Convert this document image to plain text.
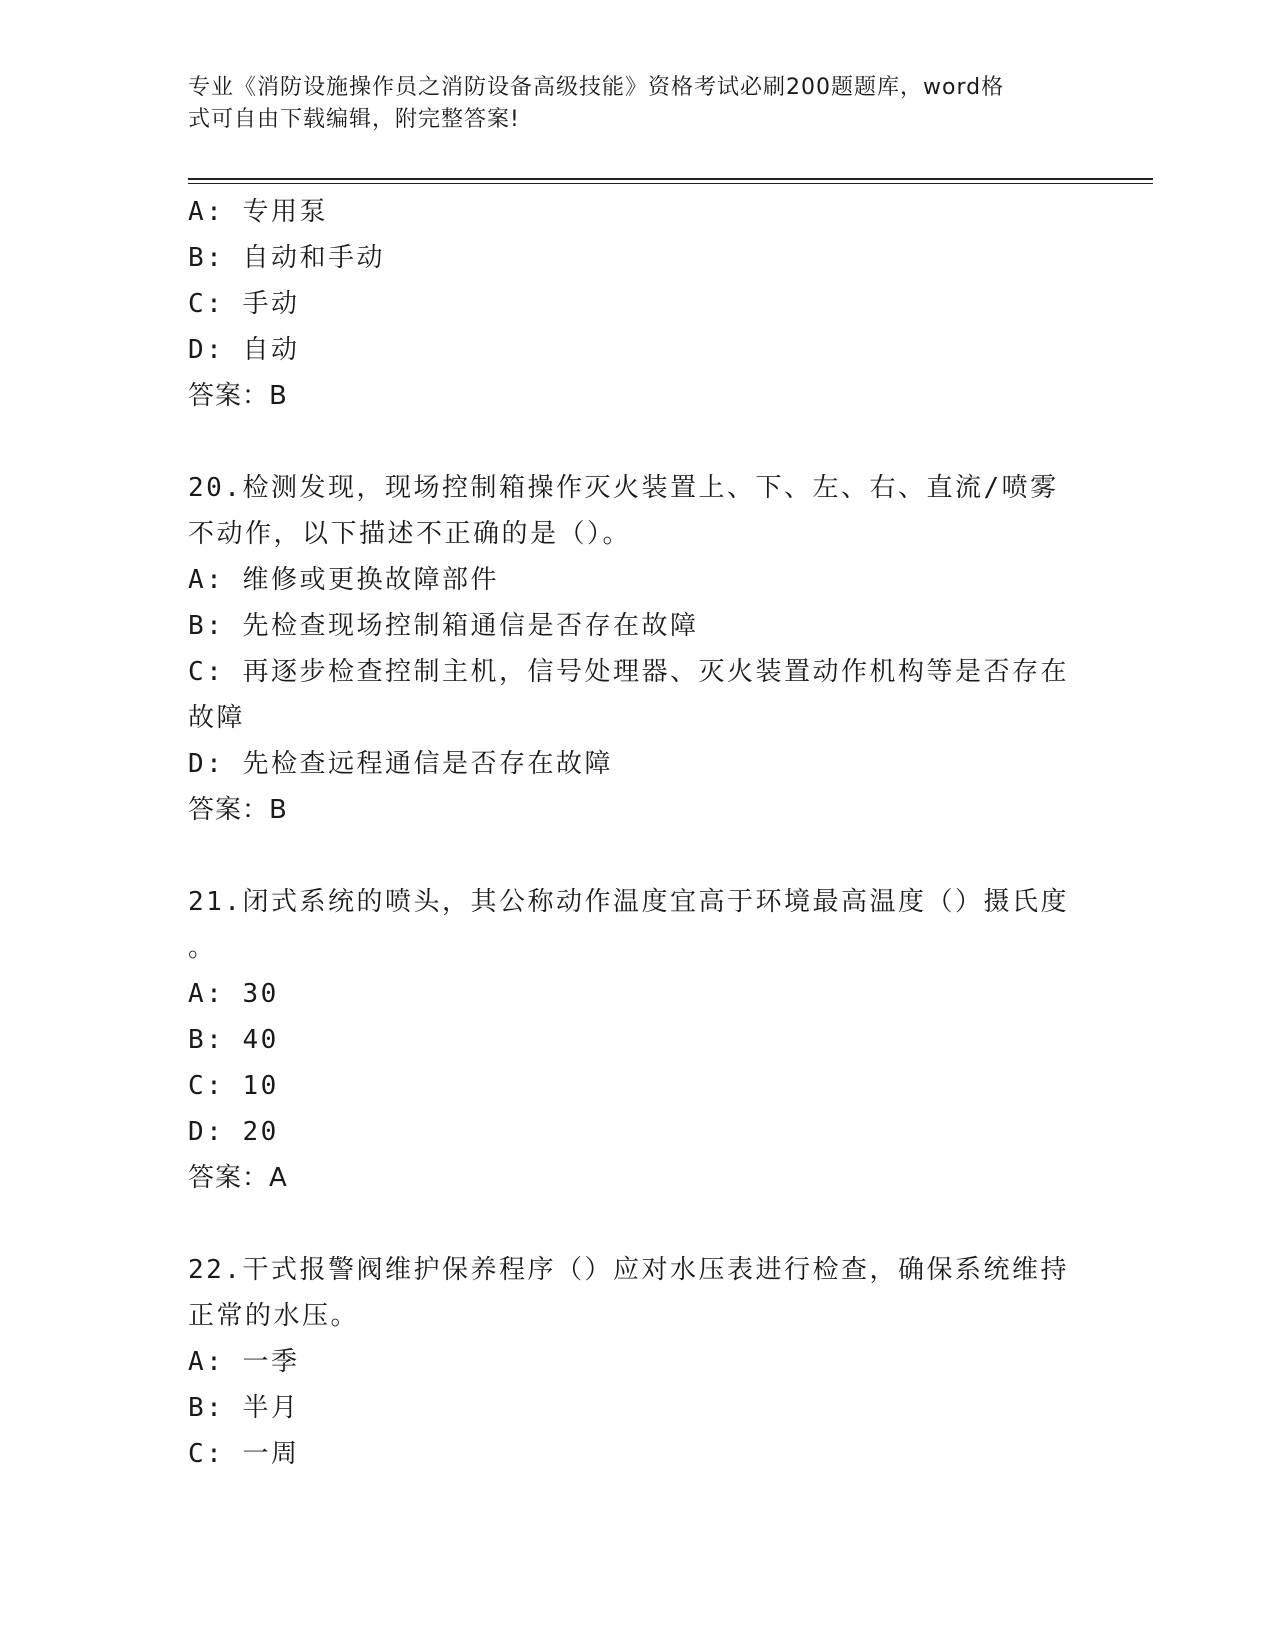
专业《消防设施操作员之消防设备高级技能》资格考试必刷200题题库，word格
式可自由下载编辑，附完整答案!
A: 专用泵
B: 自动和手动
C: 手动
D: 自动
答案：B
20.检测发现，现场控制箱操作灭火装置上、下、左、右、直流/喷雾
不动作，以下描述不正确的是（）。
A: 维修或更换故障部件
B: 先检查现场控制箱通信是否存在故障
C: 再逐步检查控制主机，信号处理器、灭火装置动作机构等是否存在
故障
D: 先检查远程通信是否存在故障
答案：B
21.闭式系统的喷头，其公称动作温度宜高于环境最高温度（）摄氏度
。
A: 30
B: 40
C: 10
D: 20
答案：A
22.干式报警阀维护保养程序（）应对水压表进行检查，确保系统维持
正常的水压。
A: 一季
B: 半月
C: 一周
